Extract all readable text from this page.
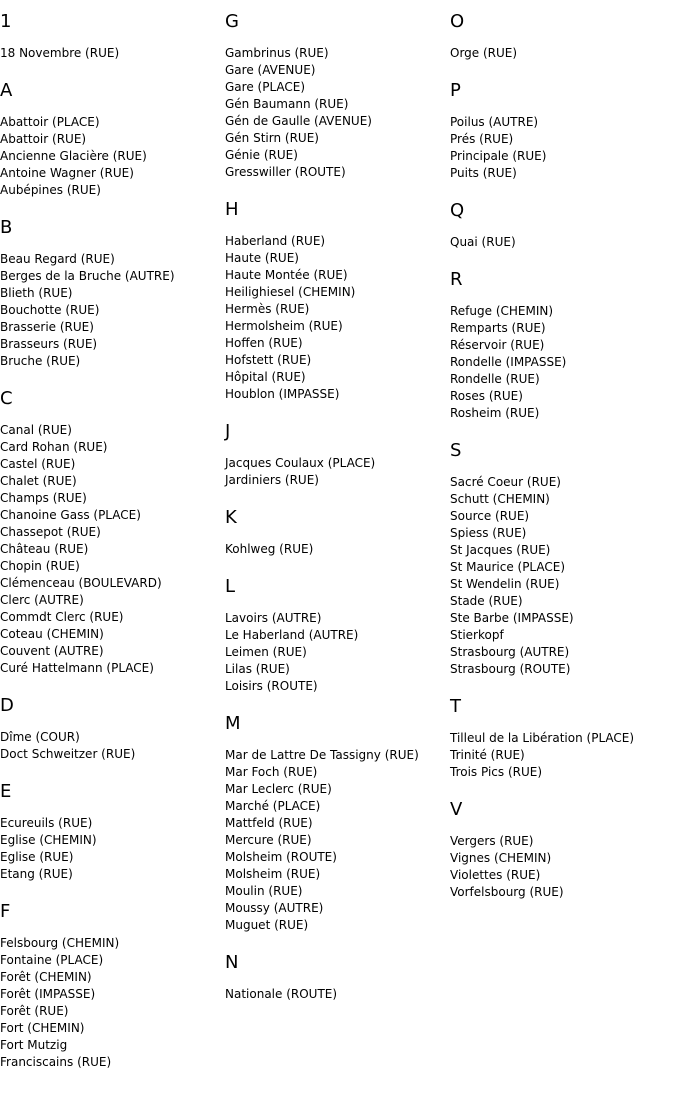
1
18 Novembre (RUE)
A
Abattoir (PLACE)
Abattoir (RUE)
Ancienne Glacière (RUE)
Antoine Wagner (RUE)
Aubépines (RUE)
B
Beau Regard (RUE)
Berges de la Bruche (AUTRE)
Blieth (RUE)
Bouchotte (RUE)
Brasserie (RUE)
Brasseurs (RUE)
Bruche (RUE)
C
Canal (RUE)
Card Rohan (RUE)
Castel (RUE)
Chalet (RUE)
Champs (RUE)
Chanoine Gass (PLACE)
Chassepot (RUE)
Château (RUE)
Chopin (RUE)
Clémenceau (BOULEVARD)
Clerc (AUTRE)
Commdt Clerc (RUE)
Coteau (CHEMIN)
Couvent (AUTRE)
Curé Hattelmann (PLACE)
D
Dîme (COUR)
Doct Schweitzer (RUE)
E
Ecureuils (RUE)
Eglise (CHEMIN)
Eglise (RUE)
Etang (RUE)
F
Felsbourg (CHEMIN)
Fontaine (PLACE)
Forêt (CHEMIN)
Forêt (IMPASSE)
Forêt (RUE)
Fort (CHEMIN)
Fort Mutzig
Franciscains (RUE)
G
Gambrinus (RUE)
Gare (AVENUE)
Gare (PLACE)
Gén Baumann (RUE)
Gén de Gaulle (AVENUE)
Gén Stirn (RUE)
Génie (RUE)
Gresswiller (ROUTE)
H
Haberland (RUE)
Haute (RUE)
Haute Montée (RUE)
Heilighiesel (CHEMIN)
Hermès (RUE)
Hermolsheim (RUE)
Hoffen (RUE)
Hofstett (RUE)
Hôpital (RUE)
Houblon (IMPASSE)
J
Jacques Coulaux (PLACE)
Jardiniers (RUE)
K
Kohlweg (RUE)
L
Lavoirs (AUTRE)
Le Haberland (AUTRE)
Leimen (RUE)
Lilas (RUE)
Loisirs (ROUTE)
M
Mar de Lattre De Tassigny (RUE)
Mar Foch (RUE)
Mar Leclerc (RUE)
Marché (PLACE)
Mattfeld (RUE)
Mercure (RUE)
Molsheim (ROUTE)
Molsheim (RUE)
Moulin (RUE)
Moussy (AUTRE)
Muguet (RUE)
N
Nationale (ROUTE)
O
Orge (RUE)
P
Poilus (AUTRE)
Prés (RUE)
Principale (RUE)
Puits (RUE)
Q
Quai (RUE)
R
Refuge (CHEMIN)
Remparts (RUE)
Réservoir (RUE)
Rondelle (IMPASSE)
Rondelle (RUE)
Roses (RUE)
Rosheim (RUE)
S
Sacré Coeur (RUE)
Schutt (CHEMIN)
Source (RUE)
Spiess (RUE)
St Jacques (RUE)
St Maurice (PLACE)
St Wendelin (RUE)
Stade (RUE)
Ste Barbe (IMPASSE)
Stierkopf
Strasbourg (AUTRE)
Strasbourg (ROUTE)
T
Tilleul de la Libération (PLACE)
Trinité (RUE)
Trois Pics (RUE)
V
Vergers (RUE)
Vignes (CHEMIN)
Violettes (RUE)
Vorfelsbourg (RUE)
